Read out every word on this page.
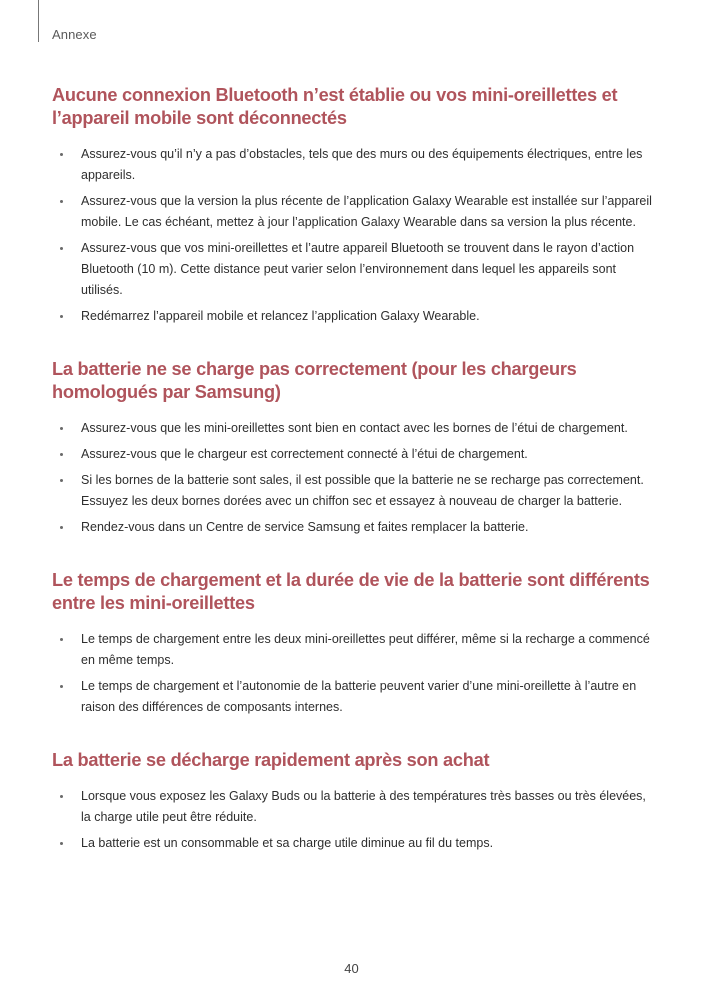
Annexe
Aucune connexion Bluetooth n’est établie ou vos mini-oreillettes et l’appareil mobile sont déconnectés
Assurez-vous qu’il n’y a pas d’obstacles, tels que des murs ou des équipements électriques, entre les appareils.
Assurez-vous que la version la plus récente de l’application Galaxy Wearable est installée sur l’appareil mobile. Le cas échéant, mettez à jour l’application Galaxy Wearable dans sa version la plus récente.
Assurez-vous que vos mini-oreillettes et l’autre appareil Bluetooth se trouvent dans le rayon d’action Bluetooth (10 m). Cette distance peut varier selon l’environnement dans lequel les appareils sont utilisés.
Redémarrez l’appareil mobile et relancez l’application Galaxy Wearable.
La batterie ne se charge pas correctement (pour les chargeurs homologués par Samsung)
Assurez-vous que les mini-oreillettes sont bien en contact avec les bornes de l’étui de chargement.
Assurez-vous que le chargeur est correctement connecté à l’étui de chargement.
Si les bornes de la batterie sont sales, il est possible que la batterie ne se recharge pas correctement. Essuyez les deux bornes dorées avec un chiffon sec et essayez à nouveau de charger la batterie.
Rendez-vous dans un Centre de service Samsung et faites remplacer la batterie.
Le temps de chargement et la durée de vie de la batterie sont différents entre les mini-oreillettes
Le temps de chargement entre les deux mini-oreillettes peut différer, même si la recharge a commencé en même temps.
Le temps de chargement et l’autonomie de la batterie peuvent varier d’une mini-oreillette à l’autre en raison des différences de composants internes.
La batterie se décharge rapidement après son achat
Lorsque vous exposez les Galaxy Buds ou la batterie à des températures très basses ou très élevées, la charge utile peut être réduite.
La batterie est un consommable et sa charge utile diminue au fil du temps.
40
